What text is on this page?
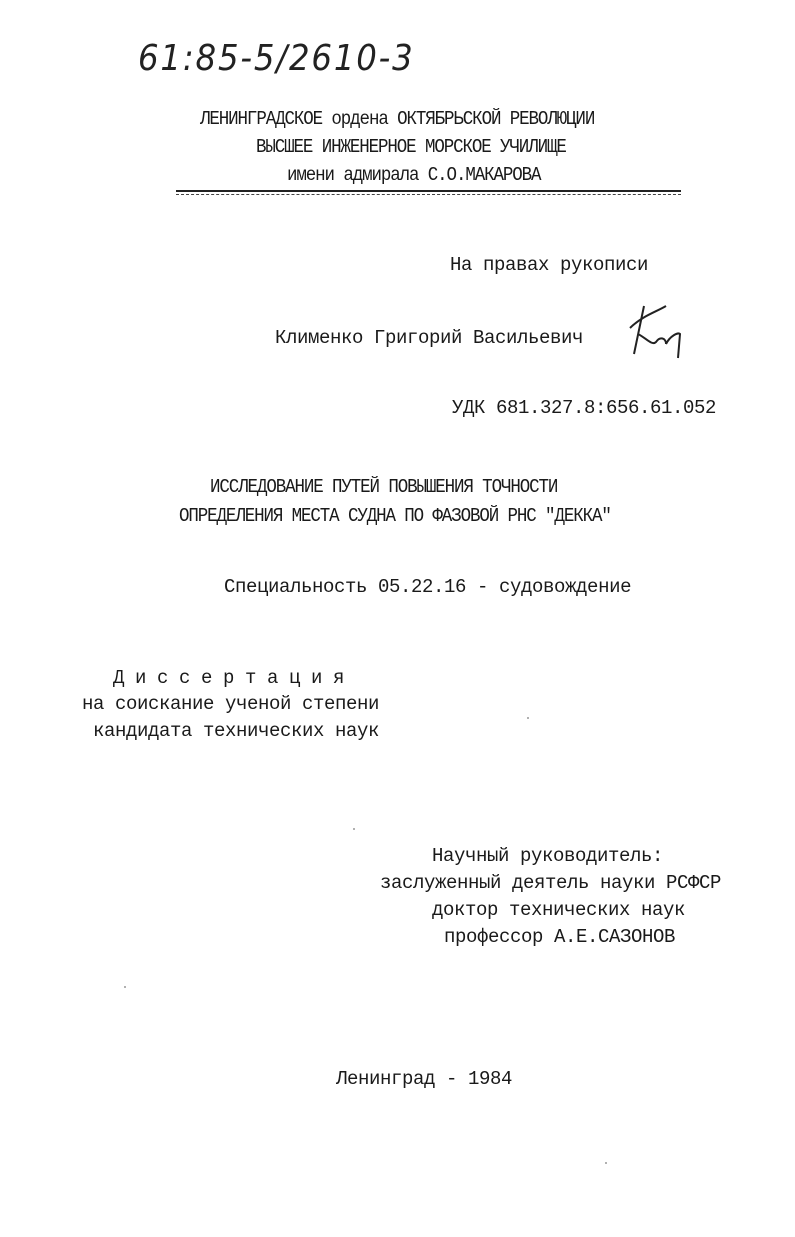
61:85-5/2610-3
ЛЕНИНГРАДСКОЕ ордена ОКТЯБРЬСКОЙ РЕВОЛЮЦИИ
ВЫСШЕЕ ИНЖЕНЕРНОЕ МОРСКОЕ УЧИЛИЩЕ
имени адмирала С.О.МАКАРОВА
На правах рукописи
Клименко Григорий Васильевич
УДК 681.327.8:656.61.052
ИССЛЕДОВАНИЕ ПУТЕЙ ПОВЫШЕНИЯ ТОЧНОСТИ
ОПРЕДЕЛЕНИЯ МЕСТА СУДНА ПО ФАЗОВОЙ РНС "ДЕККА"
Специальность 05.22.16 - судовождение
Д и с с е р т а ц и я
на соискание ученой степени
кандидата технических наук
Научный руководитель:
заслуженный деятель науки РСФСР
доктор технических наук
профессор А.Е.САЗОНОВ
Ленинград - 1984
